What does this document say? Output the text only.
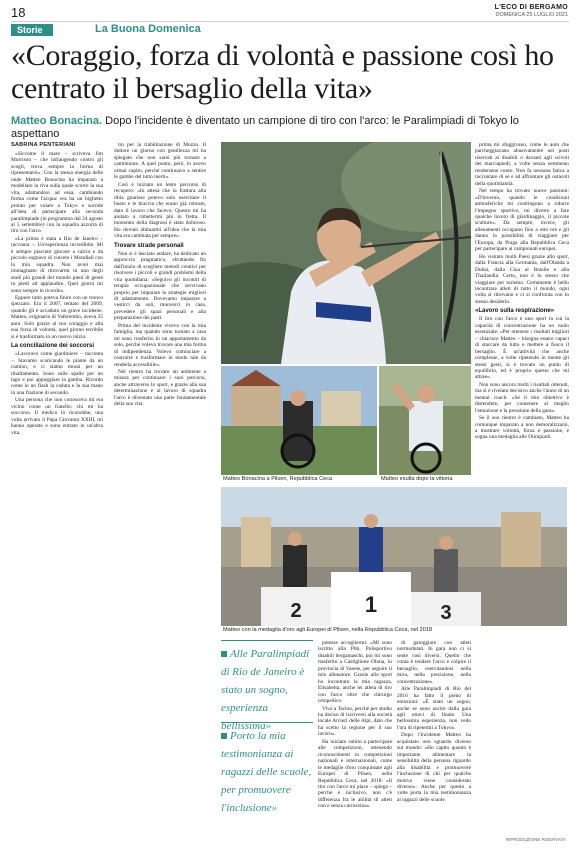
18	L'ECO DI BERGAMO
DOMENICA 25 LUGLIO 2021
Storie	La Buona Domenica
«Coraggio, forza di volontà e passione così ho centrato il bersaglio della vita»
Matteo Bonacina. Dopo l'incidente è diventato un campione di tiro con l'arco: le Paralimpiadi di Tokyo lo aspettano
SABRINA PENTERIANI

«Siccome il mare – scriveva Jim Morrison – che infrangendo contro gli scogli, trova sempre la forma di ripresentarsi». Con la stessa energia delle onde Matteo Bonacina ha imparato a modellare la riva sulla quale scorre la sua vita, adattandosi ad essa, cambiando forma come l'acqua: era ha un biglietto pronto per volare a Tokyo e sorride all'idea di partecipare alla seconda paralimpiade (in programma dal 24 agosto al 5 settembre) con la squadra azzurra di tiro con l'arco.

«La prima è stata a Rio de Janeiro – racconta –. Un'esperienza incredibile. Mi è sempre piaciuto giocare a calcio e da piccolo sognavo di vincere i Mondiali con la mia squadra. Non avrei mai immaginato di ritrovarmi in uno degli stadi più grandi del mondo pieni di gente in piedi ad applaudire. Quei giorni mi sono sempre in ricordo».

Eppure tutto poteva finire con un tronco spezzato. Era il 2007, tentato del 2009, quando gli è accaduto un grave incidente. Matteo, originario di Valbrembo, aveva 25 anni. Solo grazie al suo coraggio e alla sua forza di volontà, quel giorno terribile si è trasformato in un nuovo inizio.

La conciliazione dei soccorsi

«Lavoravo come giardiniere – racconta –. Stavamo scaricando le piante da un camion, e ci siamo mossi per un ribaltamento. Sono sulle spalle per un lago e poi appoggiare la gamba. Ricordo come in un flash la caduta e la sua mano in una frazione di secondo.

Una persona che non conosceva mi era vicino come un fratello: chi mi ha soccorso. Il medico lo riconobbe, una volta arrivato il Papa Giovanni XXIII, mi hanno operato e sono entrato in un'altra vita.

tro per la riabilitazione di Mozzo. Il dottore un giorno con gentilezza mi ha spiegato che non sarei più tornato a camminare. A quel punto, però, lo avevo ormai capito, perché continuavo a sentire le gambe del tutto inerti».

Così è iniziato un lento percorso di recupero: «In attesa che la frattura alla tibia guarisse potevo solo esercitare il busto e le braccia che erano già robuste, dato il lavoro che facevo. Questo mi ha aiutato a rimettermi più in fretta. Il momento della diagnosi è stato doloroso. Ho dovuto abituarmi all'idea che la mia vita era cambiata per sempre».

Trovare strade personali

Non si è lasciato andare, ha dedicato un approccio pragmatico, sfruttando fin dall'inizio di scegliere metodi creativi per risolvere i piccoli e grandi problemi della vita quotidiana: «Seguivo gli incontri di terapia occupazionale che servivano proprio per imparare le strategie migliori di adattamento. Dovevamo imparare a vestirci da soli, muoverci in casa, prevedere gli spazi personali e alla preparazione dei pasti.

Prima del incidente vivevo con la mia famiglia, ma quando sono tornato a casa mi sono trasferito in un appartamento da solo, perché volevo trovare una mia forma di indipendenza. Volevo cominciare a costruire e trasformare in modo tale da renderla accessibile».

Nel rientro ha trovato un ambiente a misura per continuare i suoi percorsi, anche attraverso lo sport, e grazie alla sua determinazione e al lavoro di squadra l'arco è diventato una parte fondamentale della sua vita.

Matteo Bonacina a Pilsen, Repubblica Ceca	Matteo esulta dopo la vittoria
2	1	3
Matteo con la medaglia d'oro agli Europei di Pilsen, nella Repubblica Ceca, nel 2018

prima mi sfuggivano, come le auto che parcheggiavano abusivamente nei posti riservati ai disabili o davanti agli scivoli dei marciapiedi, a volte senza nemmeno rendersene conto. Non fa nessuna fatica a raccontare di sé e ad affrontare gli ostacoli della quotidianità.

Nel tempo ha trovato nuove passioni: «D'inverno, quando le condizioni atmosferiche mi costringono a ridurre l'impegno sportivo, mi diverto a fare qualche lavoro di giardinaggio, il piccole sculture». Da sempre, invece, gli allenamenti occupano fino a otto ore e gli danno la possibilità di viaggiare per l'Europa, da Praga alla Repubblica Ceca per partecipare ai campionati europei.

Ho visitato molti Paesi grazie allo sport, dalla Francia alla Germania, dall'Olanda a Dubai, dalla Cina al Brasile e alla Thailandia. Certo, non è lo stesso che viaggiare per turismo. Certamente è bello incontrare atleti di tutto il mondo, ogni volta si ritrovano e ci si confronta con lo stesso desiderio.

«Lavoro sulla respirazione»

Il tiro con l'arco è uno sport in cui la capacità di concentrazione ha un ruolo essenziale: «Per ottenere i risultati migliori – chiarisce Matteo – bisogna essere capaci di staccare da tutto e mettere a fuoco il bersaglio. È un'attività che anche complesse, a volte ripetendo in mente gli stessi gesti, si è trovato un punto di equilibrio, ed è proprio questo che mi attrae».

Non sono ancora molti i risultati ottenuti, ma si è rivelato decisivo anche l'aiuto di un mental coach: «Se il mio obiettivo è distendere, per contenere al meglio l'emozione e la pressione della gara».

Se il suo rientro è cambiato, Matteo ha comunque imparato a non demoralizzarsi, a mostrare volontà, forza e passione, e sogna una medaglia alle Olimpiadi.

Alle Paralimpiadi di Rio de Janeiro è stato un sogno, esperienza bellissima»
Porto la mia testimonianza ai ragazzi delle scuole, per promuovere l'inclusione»

potesse accogliermi: «Mi sono iscritto alla Phb, Polisportivo disabili bergamaschi, poi mi sono trasferito a Castiglione Olona, in provincia di Varese, per seguire il mio allenatore. Grazie allo sport ho incontrato la mia ragazza, Elisabetta, anche lei atleta di tiro con l'arco oltre che chirurgo ortopedico.

Vivo a Torino, perché per studio ha deciso di iscriversi alla società locale Arcieri delle Alpi, dato che ha scelto la regione per il suo lavoro».

Ha iniziato subito a partecipare alle competizioni, ottenendo riconoscimenti in competizioni nazionali e internazionali, come le medaglie d'oro conquistate agli Europei di Pilsen, nella Repubblica Ceca, nel 2018: «Il tiro con l'arco mi piace – spiega – perché è inclusivo, non c'è differenza fra le abilità di atleti con e senza carrozzina».

di gareggiare con atleti normodotati. In gara non ci si sente così diversi. Quello che conta è tendere l'arco e colpire il bersaglio, esercitandosi nella mira, nella precisione, nella concentrazione».

Alle Paralimpiadi di Rio del 2016 ha fatto il pieno di emozioni: «È stato un sogno, anche se sono uscito dalla gara agli ottavi di finale. Una bellissima esperienza, non vedo l'ora di ripetermi a Tokyo».

Dopo l'incidente Matteo ha acquistato uno sguardo diverso sul mondo: «Ho capito quanto è importante alimentare la sensibilità della persona riguardo alla disabilità e promuovere l'inclusione di chi per qualche motivo viene considerato diverso». Anche per questo a volte porta la mia testimonianza ai ragazzi delle scuole.

RIPRODUZIONE RISERVATA
